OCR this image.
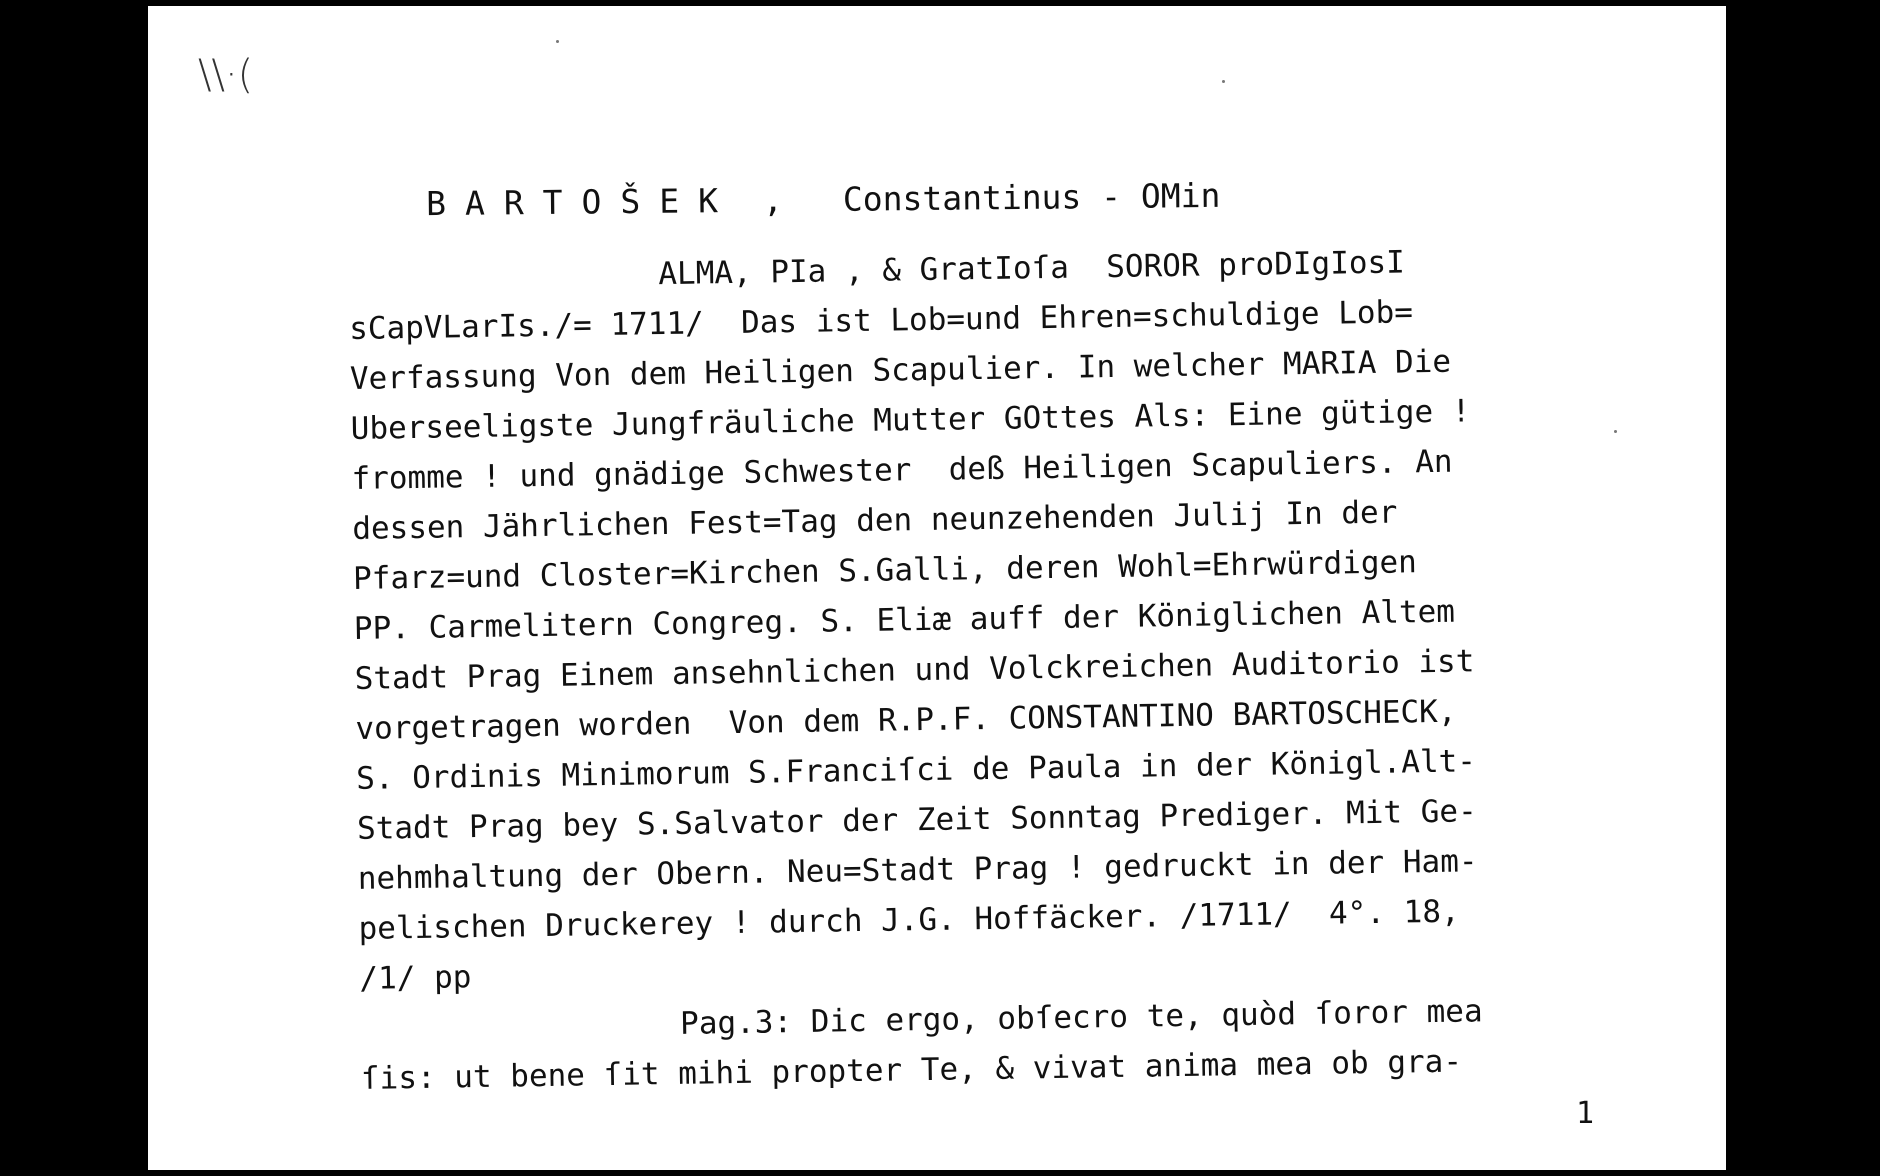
\\·(

BARTOŠEK , Constantinus - OMin

ALMA, PIa , & GratIoſa  SOROR proDIgIosI
sCapVLarIs./= 1711/  Das ist Lob=und Ehren=schuldige Lob=
Verfassung Von dem Heiligen Scapulier. In welcher MARIA Die
Uberseeligste Jungfräuliche Mutter GOttes Als: Eine gütige !
fromme ! und gnädige Schwester  deß Heiligen Scapuliers. An
dessen Jährlichen Fest=Tag den neunzehenden Julij In der
Pfarz=und Closter=Kirchen S.Galli, deren Wohl=Ehrwürdigen
PP. Carmelitern Congreg. S. Eliæ auff der Königlichen Altem
Stadt Prag Einem ansehnlichen und Volckreichen Auditorio ist
vorgetragen worden  Von dem R.P.F. CONSTANTINO BARTOSCHECK,
S. Ordinis Minimorum S.Franciſci de Paula in der Königl.Alt-
Stadt Prag bey S.Salvator der Zeit Sonntag Prediger. Mit Ge-
nehmhaltung der Obern. Neu=Stadt Prag ! gedruckt in der Ham-
pelischen Druckerey ! durch J.G. Hoffäcker. /1711/  4°. 18,
/1/ pp
Pag.3: Dic ergo, obſecro te, quòd ſoror mea
ſis: ut bene ſit mihi propter Te, & vivat anima mea ob gra-
1
